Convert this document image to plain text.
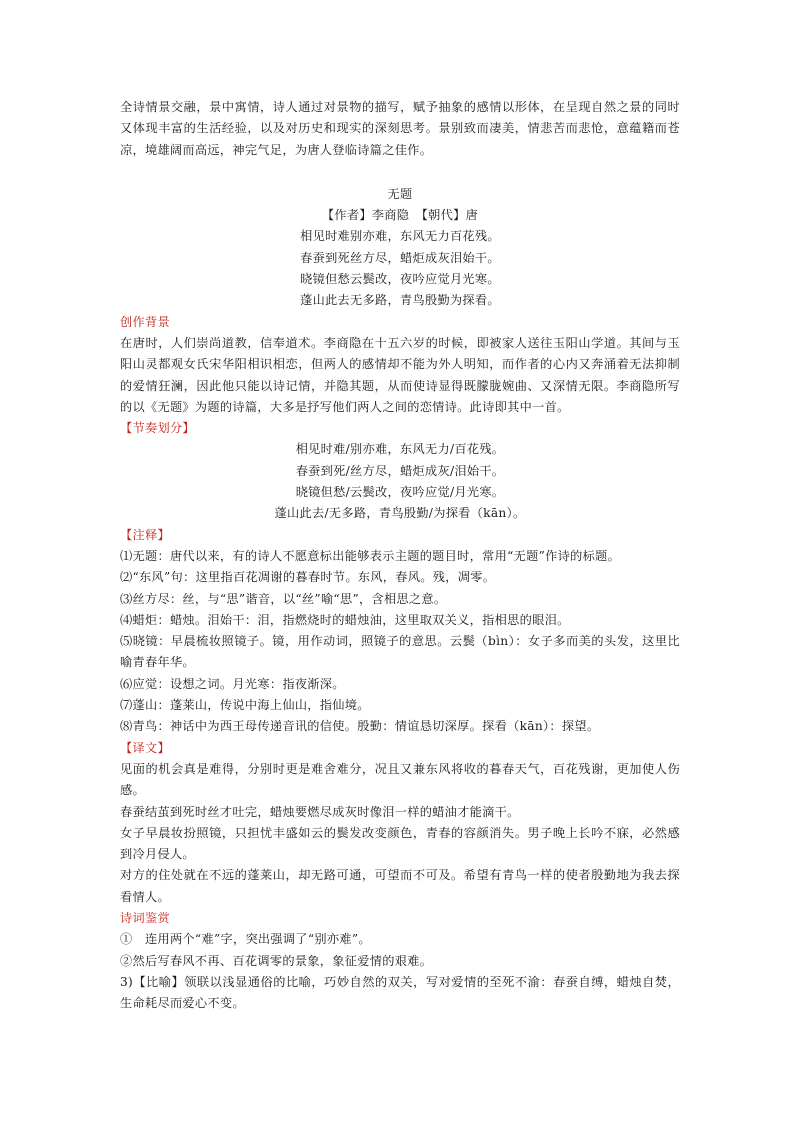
全诗情景交融，景中寓情，诗人通过对景物的描写，赋予抽象的感情以形体，在呈现自然之景的同时又体现丰富的生活经验，以及对历史和现实的深刻思考。景别致而凄美，情悲苦而悲怆，意蕴籍而苍凉，境雄阔而高远，神完气足，为唐人登临诗篇之佳作。

无题

【作者】李商隐　【朝代】唐

相见时难别亦难，东风无力百花残。

春蚕到死丝方尽，蜡炬成灰泪始干。

晓镜但愁云鬓改，夜吟应觉月光寒。

蓬山此去无多路，青鸟殷勤为探看。

创作背景

在唐时，人们崇尚道教，信奉道术。李商隐在十五六岁的时候，即被家人送往玉阳山学道。其间与玉阳山灵都观女氏宋华阳相识相恋，但两人的感情却不能为外人明知，而作者的心内又奔涌着无法抑制的爱情狂澜，因此他只能以诗记情，并隐其题，从而使诗显得既朦胧婉曲、又深情无限。李商隐所写的以《无题》为题的诗篇，大多是抒写他们两人之间的恋情诗。此诗即其中一首。

【节奏划分】

相见时难/别亦难，东风无力/百花残。

春蚕到死/丝方尽，蜡炬成灰/泪始干。

晓镜但愁/云鬓改，夜吟应觉/月光寒。

蓬山此去/无多路，青鸟殷勤/为探看（kān）。

【注释】

⑴无题：唐代以来，有的诗人不愿意标出能够表示主题的题目时，常用“无题”作诗的标题。

⑵“东风”句：这里指百花凋谢的暮春时节。东风，春风。残，凋零。

⑶丝方尽：丝，与“思”谐音，以“丝”喻“思”，含相思之意。

⑷蜡炬：蜡烛。泪始干：泪，指燃烧时的蜡烛油，这里取双关义，指相思的眼泪。

⑸晓镜：早晨梳妆照镜子。镜，用作动词，照镜子的意思。云鬓（bìn）：女子多而美的头发，这里比喻青春年华。

⑹应觉：设想之词。月光寒：指夜渐深。

⑺蓬山：蓬莱山，传说中海上仙山，指仙境。

⑻青鸟：神话中为西王母传递音讯的信使。殷勤：情谊恳切深厚。探看（kān）：探望。

【译文】

见面的机会真是难得，分别时更是难舍难分，况且又兼东风将收的暮春天气，百花残谢，更加使人伤感。

春蚕结茧到死时丝才吐完，蜡烛要燃尽成灰时像泪一样的蜡油才能滴干。

女子早晨妆扮照镜，只担忧丰盛如云的鬓发改变颜色，青春的容颜消失。男子晚上长吟不寐，必然感到冷月侵人。

对方的住处就在不远的蓬莱山，却无路可通，可望而不可及。希望有青鸟一样的使者殷勤地为我去探看情人。

诗词鉴赏

①　连用两个“难”字，突出强调了“别亦难”。

②然后写春风不再、百花调零的景象，象征爱情的艰难。

3)【比喻】领联以浅显通俗的比喻，巧妙自然的双关，写对爱情的至死不渝：春蚕自缚，蜡烛自焚，生命耗尽而爱心不变。
